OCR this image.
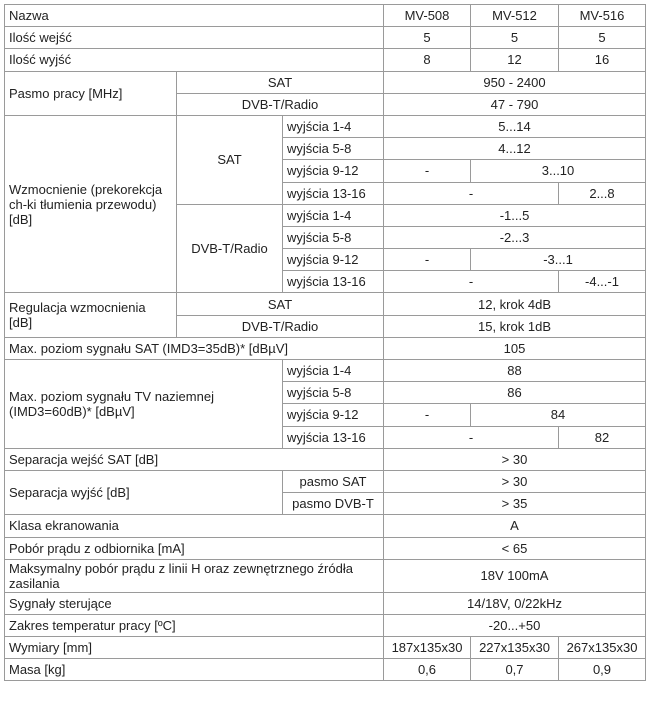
Nazwa			MV-508	MV-512	MV-516
Ilość wejść			5	5	5
Ilość wyjść			8	12	16
Pasmo pracy [MHz]	SAT		950 - 2400		
	DVB-T/Radio		47 - 790		
Wzmocnienie (prekorekcja ch-ki tłumienia przewodu) [dB]	SAT	wyjścia 1-4	5...14		
		wyjścia 5-8	4...12		
		wyjścia 9-12	-	3...10	
		wyjścia 13-16	-		2...8
	DVB-T/Radio	wyjścia 1-4	-1...5		
		wyjścia 5-8	-2...3		
		wyjścia 9-12	-	-3...1	
		wyjścia 13-16	-		-4...-1
Regulacja wzmocnienia [dB]	SAT		12, krok 4dB		
	DVB-T/Radio		15, krok 1dB		
Max. poziom sygnału SAT (IMD3=35dB)* [dBµV]			105		
Max. poziom sygnału TV naziemnej (IMD3=60dB)* [dBµV]		wyjścia 1-4	88		
		wyjścia 5-8	86		
		wyjścia 9-12	-	84	
		wyjścia 13-16	-		82
Separacja wejść SAT [dB]			> 30		
Separacja wyjść [dB]		pasmo SAT	> 30		
		pasmo DVB-T	> 35		
Klasa ekranowania			A		
Pobór prądu z odbiornika [mA]			< 65		
Maksymalny pobór prądu z linii H oraz zewnętrznego źródła zasilania			18V 100mA		
Sygnały sterujące			14/18V, 0/22kHz		
Zakres temperatur pracy [ºC]			-20...+50		
Wymiary [mm]			187x135x30	227x135x30	267x135x30
Masa [kg]			0,6	0,7	0,9
